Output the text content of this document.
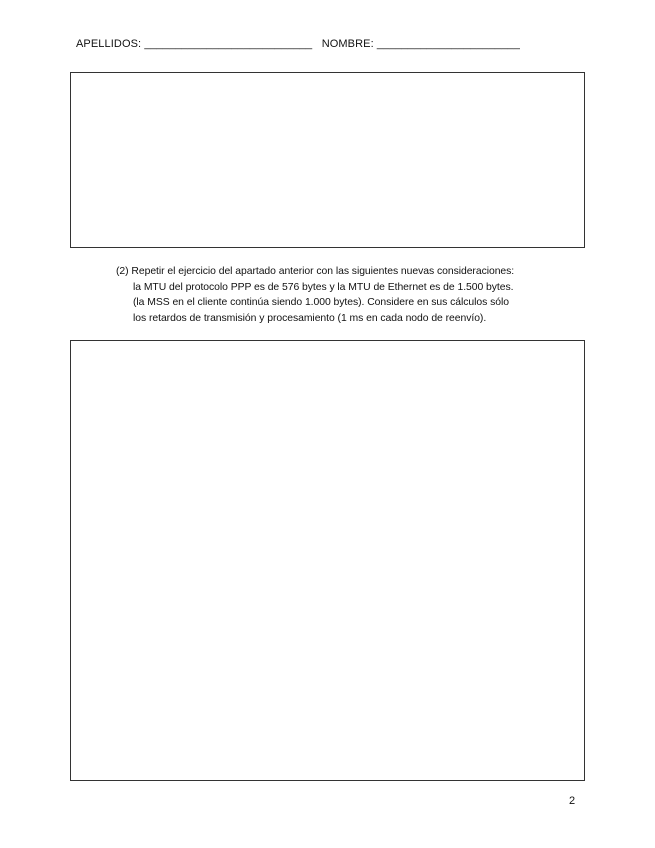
APELLIDOS: ___________________________ NOMBRE: _______________________
(2) Repetir el ejercicio del apartado anterior con las siguientes nuevas consideraciones:
la MTU del protocolo PPP es de 576 bytes y la MTU de Ethernet es de 1.500 bytes.
(la MSS en el cliente continúa siendo 1.000 bytes). Considere en sus cálculos sólo
los retardos de transmisión y procesamiento (1 ms en cada nodo de reenvío).
2
